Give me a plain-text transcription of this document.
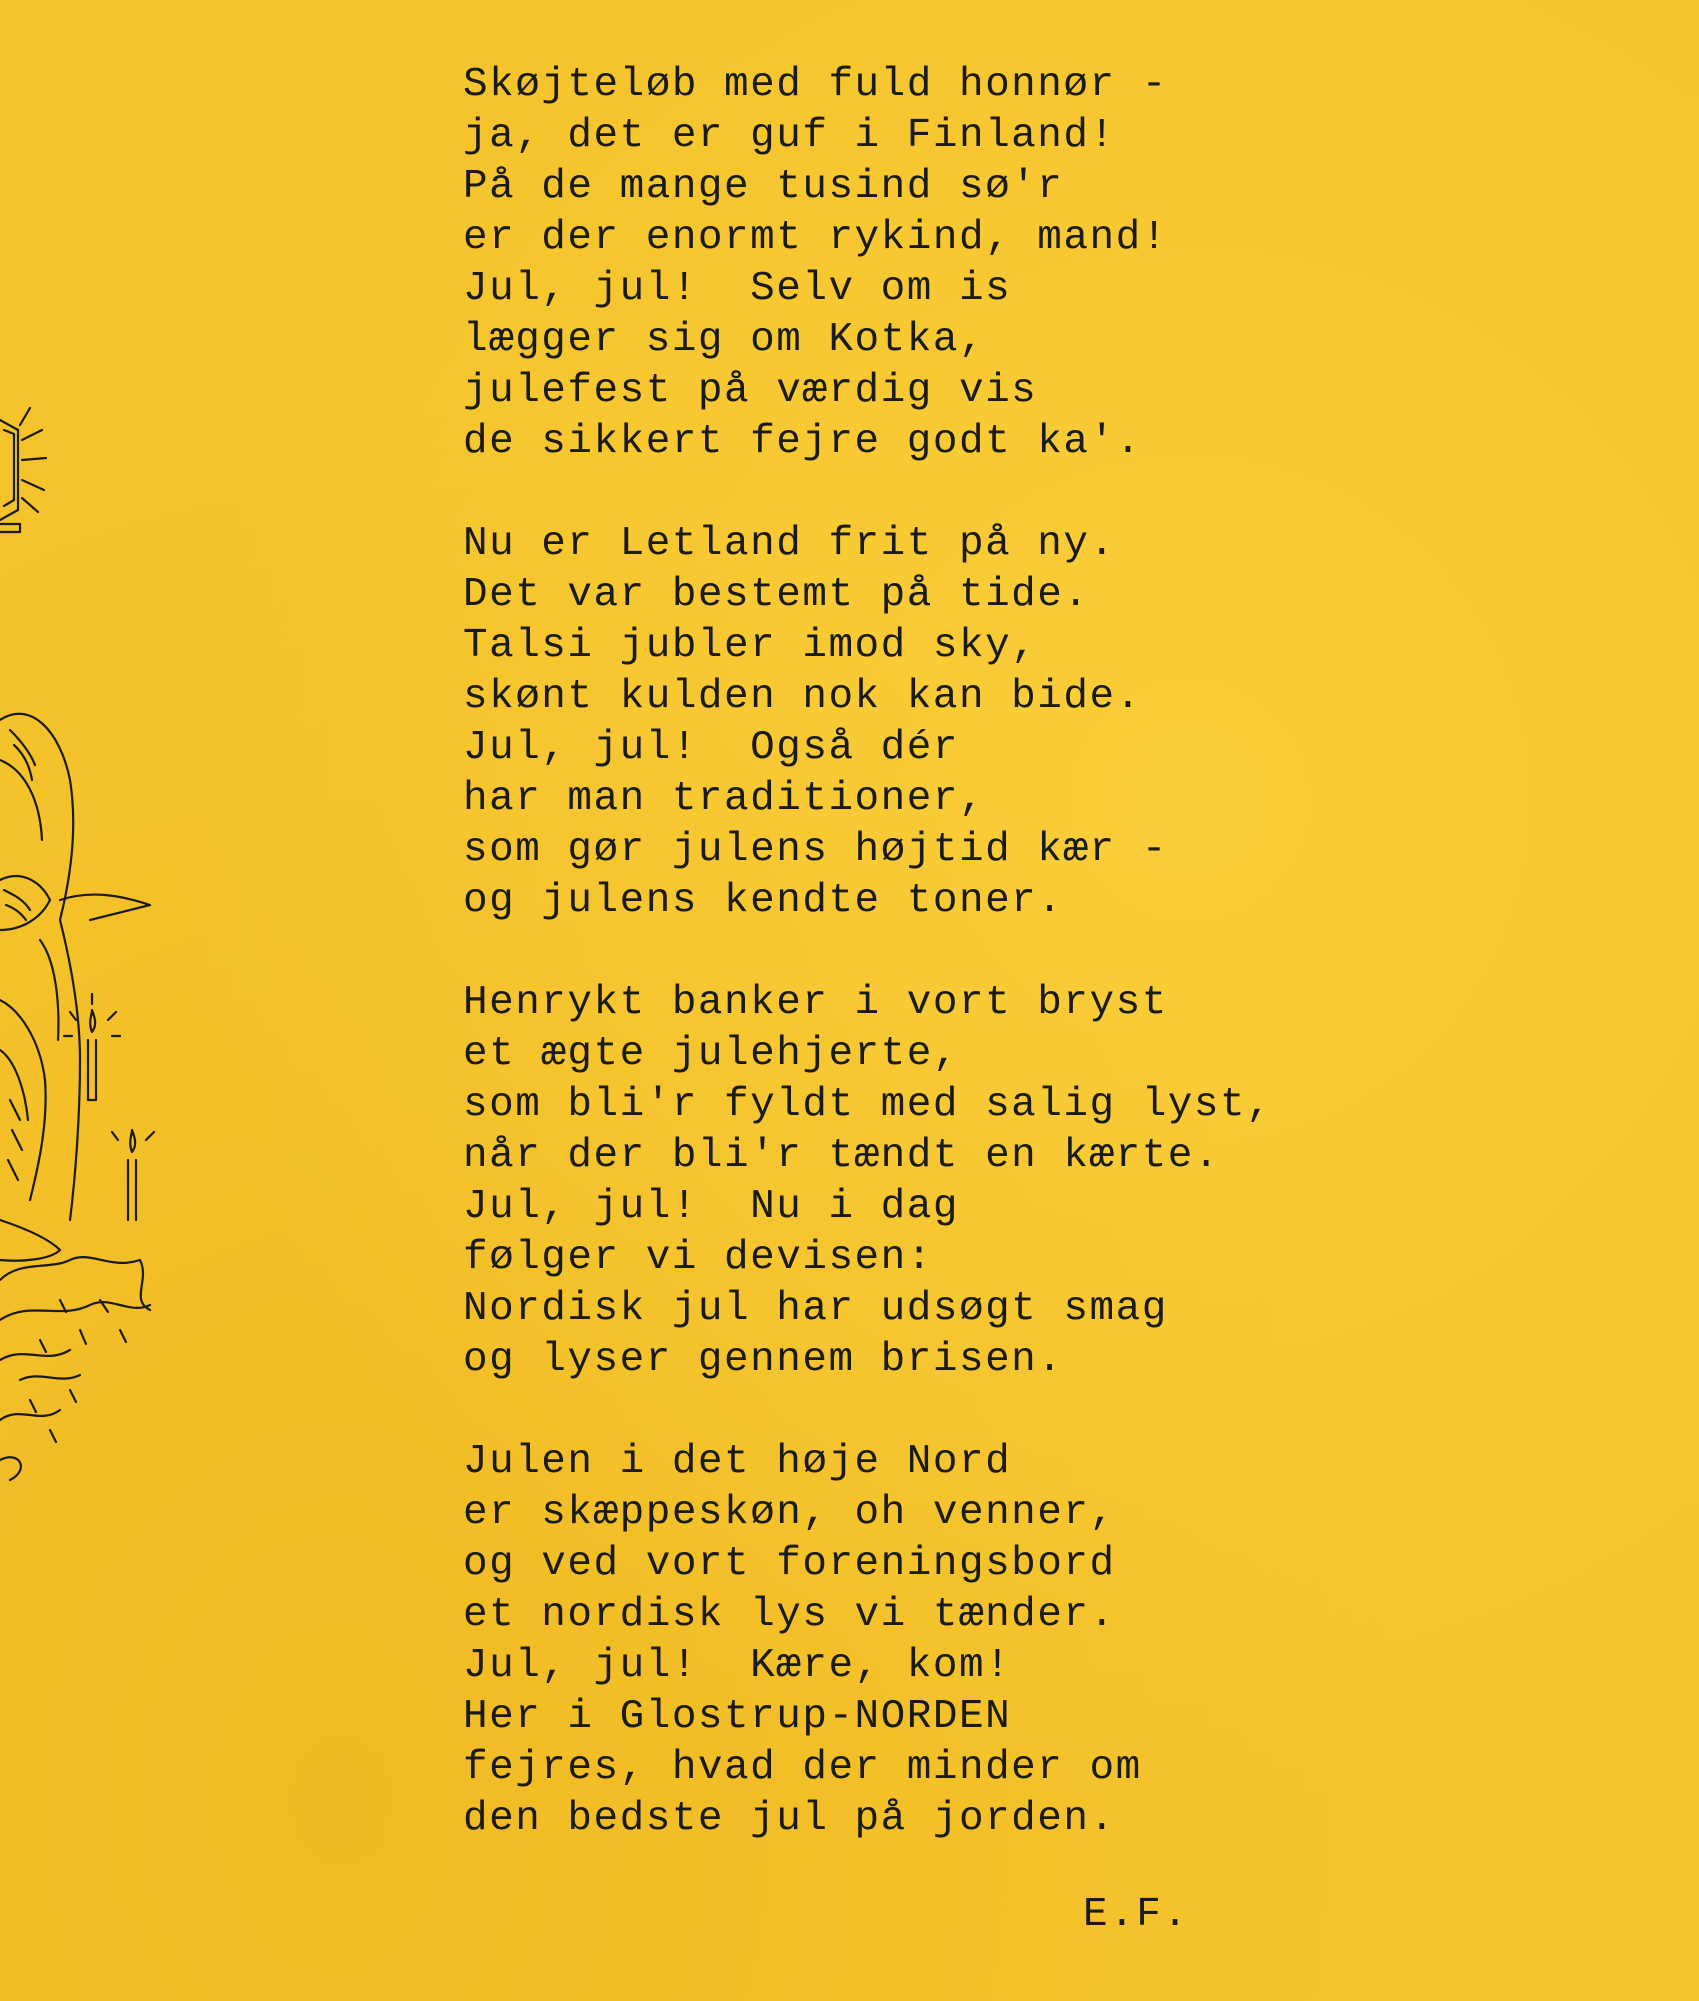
Skøjteløb med fuld honnør -
ja, det er guf i Finland!
På de mange tusind sø'r
er der enormt rykind, mand!
Jul, jul!  Selv om is
lægger sig om Kotka,
julefest på værdig vis
de sikkert fejre godt ka'.
Nu er Letland frit på ny.
Det var bestemt på tide.
Talsi jubler imod sky,
skønt kulden nok kan bide.
Jul, jul!  Også dér
har man traditioner,
som gør julens højtid kær -
og julens kendte toner.
Henrykt banker i vort bryst
et ægte julehjerte,
som bli'r fyldt med salig lyst,
når der bli'r tændt en kærte.
Jul, jul!  Nu i dag
følger vi devisen:
Nordisk jul har udsøgt smag
og lyser gennem brisen.
Julen i det høje Nord
er skæppeskøn, oh venner,
og ved vort foreningsbord
et nordisk lys vi tænder.
Jul, jul!  Kære, kom!
Her i Glostrup-NORDEN
fejres, hvad der minder om
den bedste jul på jorden.
E.F.
